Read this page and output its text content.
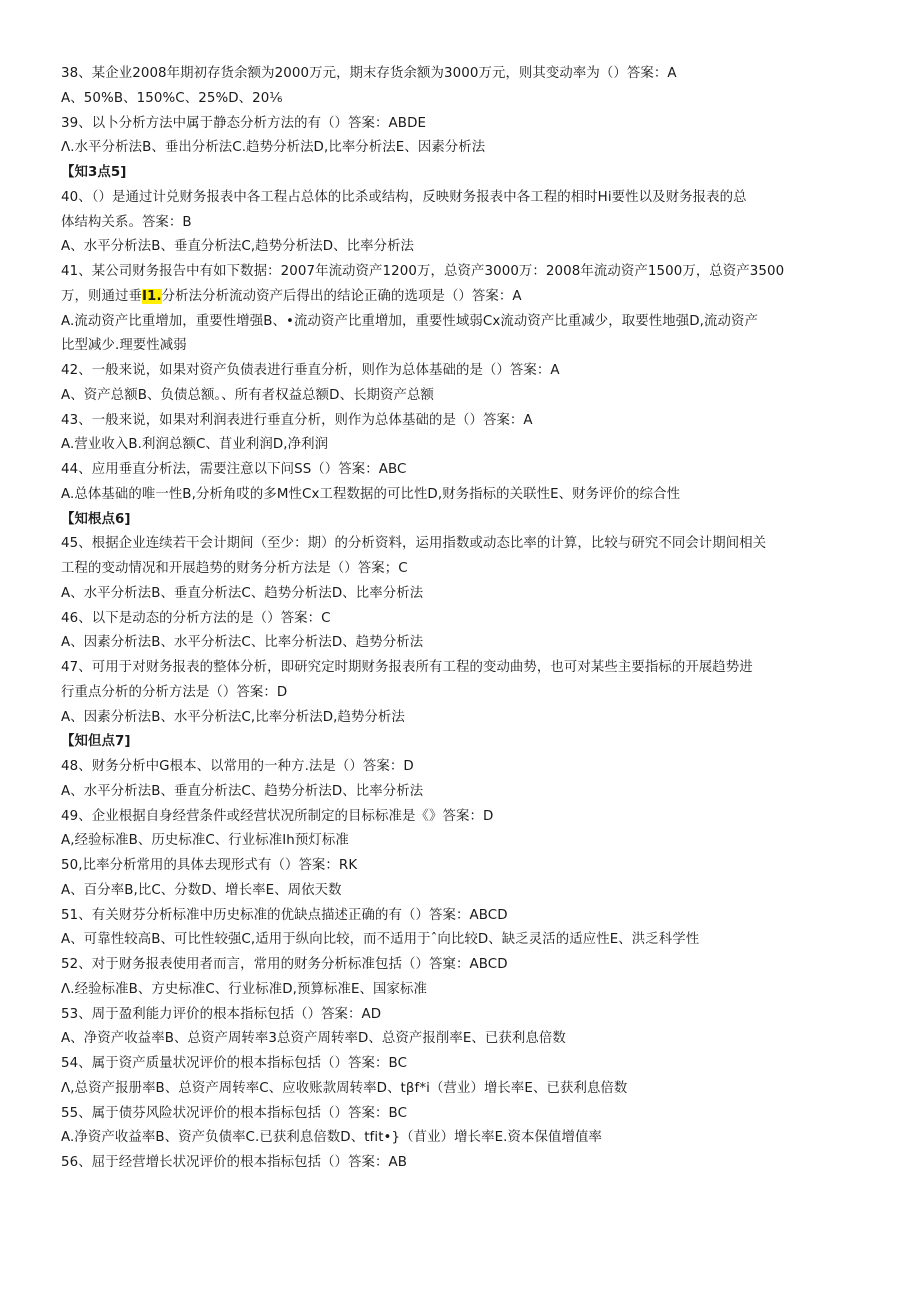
38、某企业2008年期初存货余额为2000万元，期末存货余额为3000万元，则其变动率为（）答案：A
A、50%B、150%C、25%D、20⅙
39、以卜分析方法中属于静态分析方法的有（）答案：ABDE
Λ.水平分析法B、垂出分析法C.趋势分析法D,比率分析法E、因素分析法
【知3点5]
40、（）是通过计兑财务报表中各工程占总体的比杀或结构，反映财务报表中各工程的相时Hi要性以及财务报表的总
体结构关系。答案：B
A、水平分析法B、垂直分析法C,趋势分析法D、比率分析法
41、某公司财务报告中有如下数据：2007年流动资产1200万，总资产3000万：2008年流动资产1500万，总资产3500
万，则通过垂I1.分析法分析流动资产后得出的结论正确的选项是（）答案：A
A.流动资产比重增加，重要性增强B、•流动资产比重增加，重要性域弱Cx流动资产比重减少，取要性地强D,流动资产
比型减少.理要性减弱
42、一般来说，如果对资产负债表进行垂直分析，则作为总体基础的是（）答案：A
A、资产总额B、负债总额。、所有者权益总额D、长期资产总额
43、一般来说，如果对利润表进行垂直分析，则作为总体基础的是（）答案：A
A.营业收入B.利润总额C、苜业利润D,净利润
44、应用垂直分析法，需要注意以下问SS（）答案：ABC
A.总体基础的唯一性B,分析角哎的多M性Cx工程数据的可比性D,财务指标的关联性E、财务评价的综合性
【知根点6]
45、根据企业连续若干会计期间（至少：期）的分析资料，运用指数或动态比率的计算，比较与研究不同会计期间相关
工程的变动情况和开展趋势的财务分析方法是（）答案；C
A、水平分析法B、垂直分析法C、趋势分析法D、比率分析法
46、以下是动态的分析方法的是（）答案：C
A、因素分析法B、水平分析法C、比率分析法D、趋势分析法
47、可用于对财务报表的整体分析，即研究定时期财务报表所有工程的变动曲势，也可对某些主要指标的开展趋势进
行重点分析的分析方法是（）答案：D
A、因素分析法B、水平分析法C,比率分析法D,趋势分析法
【知但点7]
48、财务分析中G根本、以常用的一种方.法是（）答案：D
A、水平分析法B、垂直分析法C、趋势分析法D、比率分析法
49、企业根据自身经营条件或经营状况所制定的目标标准是《》答案：D
A,经验标准B、历史标准C、行业标准Ih预灯标准
50,比率分析常用的具体去现形式有（）答案：RK
A、百分率B,比C、分数D、增长率E、周依天数
51、有关财芬分析标准中历史标准的优缺点描述正确的有（）答案：ABCD
A、可靠性较高B、可比性较强C,适用于纵向比较，而不适用于ˆ向比较D、缺乏灵活的适应性E、洪乏科学性
52、对于财务报表使用者而言，常用的财务分析标准包括（）答窠：ABCD
Λ.经验标准B、方史标准C、行业标准D,预算标准E、国家标准
53、周于盈利能力评价的根本指标包括（）答案：AD
A、净资产收益率B、总资产周转率3总资产周转率D、总资产报削率E、已获利息倍数
54、属于资产质量状况评价的根本指标包括（）答案：BC
Λ,总资产报册率B、总资产周转率C、应收账款周转率D、tβf*i（营业）增长率E、已获利息倍数
55、属于债芬风险状况评价的根本指标包括（）答案：BC
A.净资产收益率B、资产负债率C.已获利息倍数D、tfit•}（苜业）增长率E.资本保值增值率
56、屈于经营增长状况评价的根本指标包括（）答案：AB
